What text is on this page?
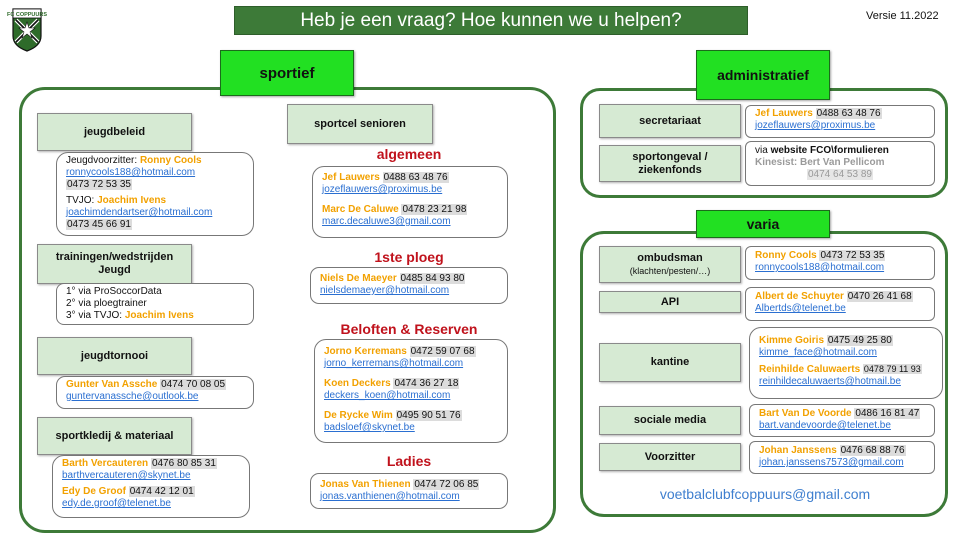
FC COPPUURS	Heb je een vraag? Hoe kunnen we u helpen?	Versie 11.2022
sportief
jeugdbeleid
Jeugdvoorzitter: Ronny Cools
ronnycools188@hotmail.com
0473 72 53 35
TVJO: Joachim Ivens
joachimdendartser@hotmail.com
0473 45 66 91
trainingen/wedstrijden
Jeugd
1° via ProSoccorData
2° via ploegtrainer
3° via TVJO: Joachim Ivens
jeugdtornooi
Gunter Van Assche 0474 70 08 05
guntervanassche@outlook.be
sportkledij & materiaal
Barth Vercauteren 0476 80 85 31
barthvercauteren@skynet.be
Edy De Groof 0474 42 12 01
edy.de.groof@telenet.be
sportcel senioren
algemeen
Jef Lauwers 0488 63 48 76
jozeflauwers@proximus.be
Marc De Caluwe 0478 23 21 98
marc.decaluwe3@gmail.com
1ste ploeg
Niels De Maeyer 0485 84 93 80
nielsdemaeyer@hotmail.com
Beloften & Reserven
Jorno Kerremans 0472 59 07 68
jorno_kerremans@hotmail.com
Koen Deckers 0474 36 27 18
deckers_koen@hotmail.com
De Rycke Wim 0495 90 51 76
badsloef@skynet.be
Ladies
Jonas Van Thienen 0474 72 06 85
jonas.vanthienen@hotmail.com
administratief
secretariaat
Jef Lauwers 0488 63 48 76
jozeflauwers@proximus.be
sportongeval /
ziekenfonds
via website FCO\formulieren
Kinesist: Bert Van Pellicom
0474 64 53 89
varia
ombudsman
(klachten/pesten/…)
Ronny Cools 0473 72 53 35
ronnycools188@hotmail.com
API	Albert de Schuyter 0470 26 41 68
Albertds@telenet.be
kantine
Kimme Goiris 0475 49 25 80
kimme_face@hotmail.com
Reinhilde Caluwaerts 0478 79 11 93
reinhildecaluwaerts@hotmail.be
sociale media
Bart Van De Voorde 0486 16 81 47
bart.vandevoorde@telenet.be
Voorzitter	Johan Janssens 0476 68 88 76
johan.janssens7573@gmail.com
voetbalclubfcoppuurs@gmail.com
